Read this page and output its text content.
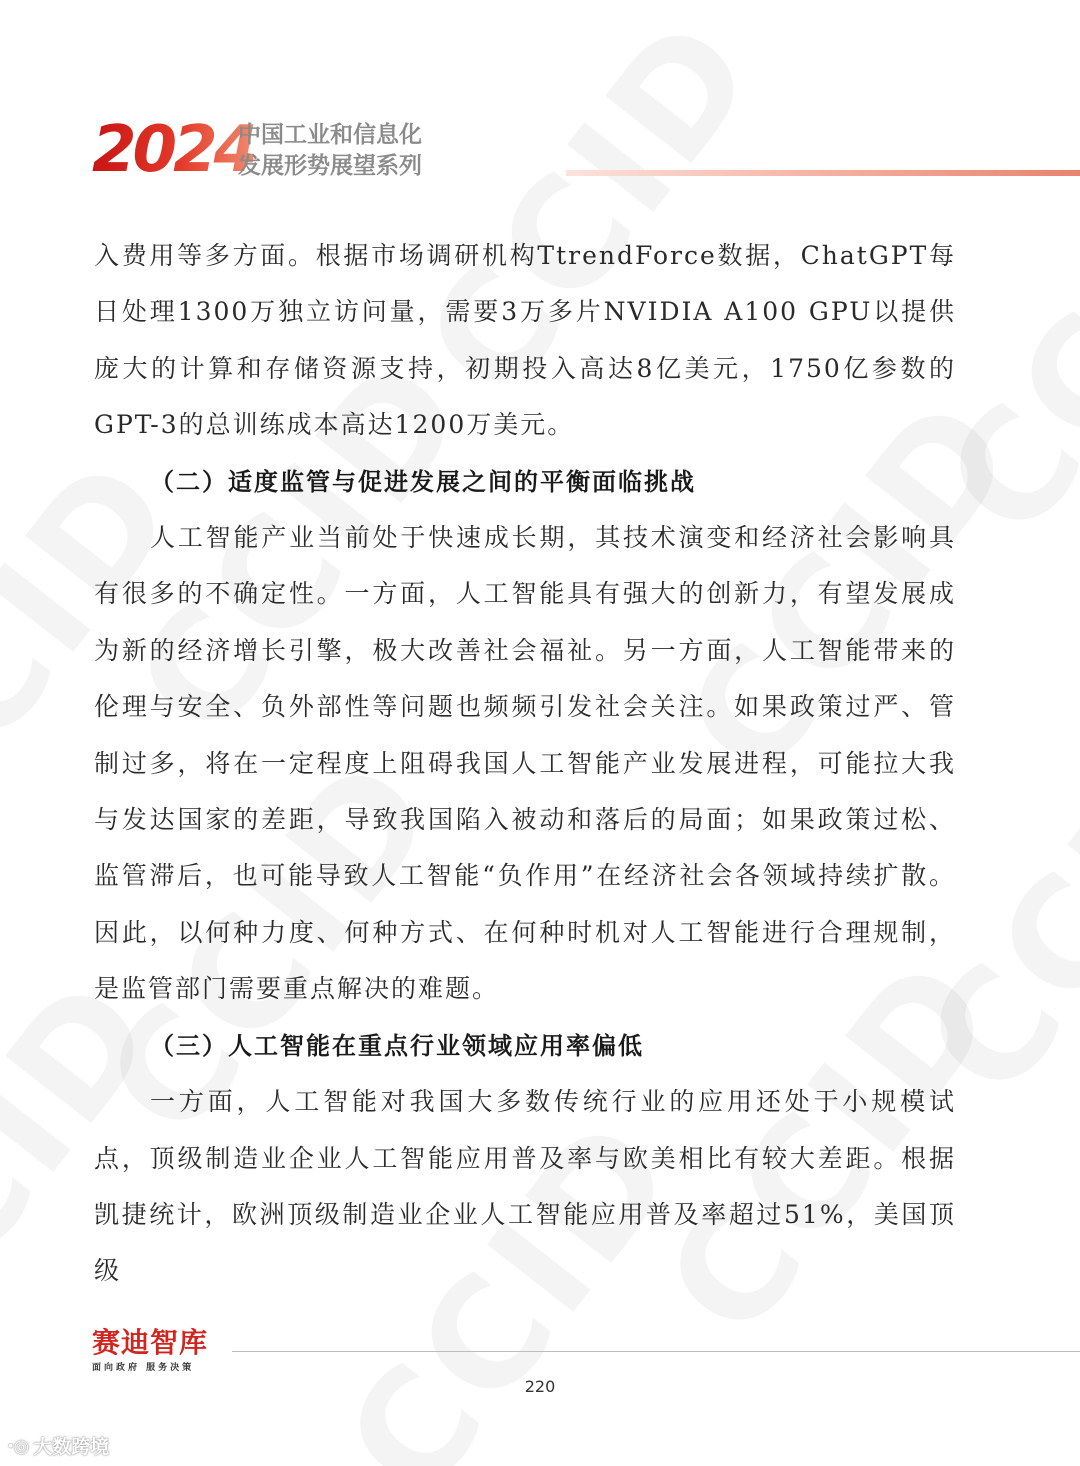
2024
中国工业和信息化
发展形势展望系列

入费用等多方面。根据市场调研机构TtrendForce数据，ChatGPT每日处理1300万独立访问量，需要3万多片NVIDIA A100 GPU以提供庞大的计算和存储资源支持，初期投入高达8亿美元，1750亿参数的GPT-3的总训练成本高达1200万美元。

（二）适度监管与促进发展之间的平衡面临挑战

人工智能产业当前处于快速成长期，其技术演变和经济社会影响具有很多的不确定性。一方面，人工智能具有强大的创新力，有望发展成为新的经济增长引擎，极大改善社会福祉。另一方面，人工智能带来的伦理与安全、负外部性等问题也频频引发社会关注。如果政策过严、管制过多，将在一定程度上阻碍我国人工智能产业发展进程，可能拉大我与发达国家的差距，导致我国陷入被动和落后的局面；如果政策过松、监管滞后，也可能导致人工智能“负作用”在经济社会各领域持续扩散。因此，以何种力度、何种方式、在何种时机对人工智能进行合理规制，是监管部门需要重点解决的难题。

（三）人工智能在重点行业领域应用率偏低

一方面，人工智能对我国大多数传统行业的应用还处于小规模试点，顶级制造业企业人工智能应用普及率与欧美相比有较大差距。根据凯捷统计，欧洲顶级制造业企业人工智能应用普及率超过51%，美国顶级

赛迪智库
面向政府 服务决策
220
ꞏ◎ 大数跨境
